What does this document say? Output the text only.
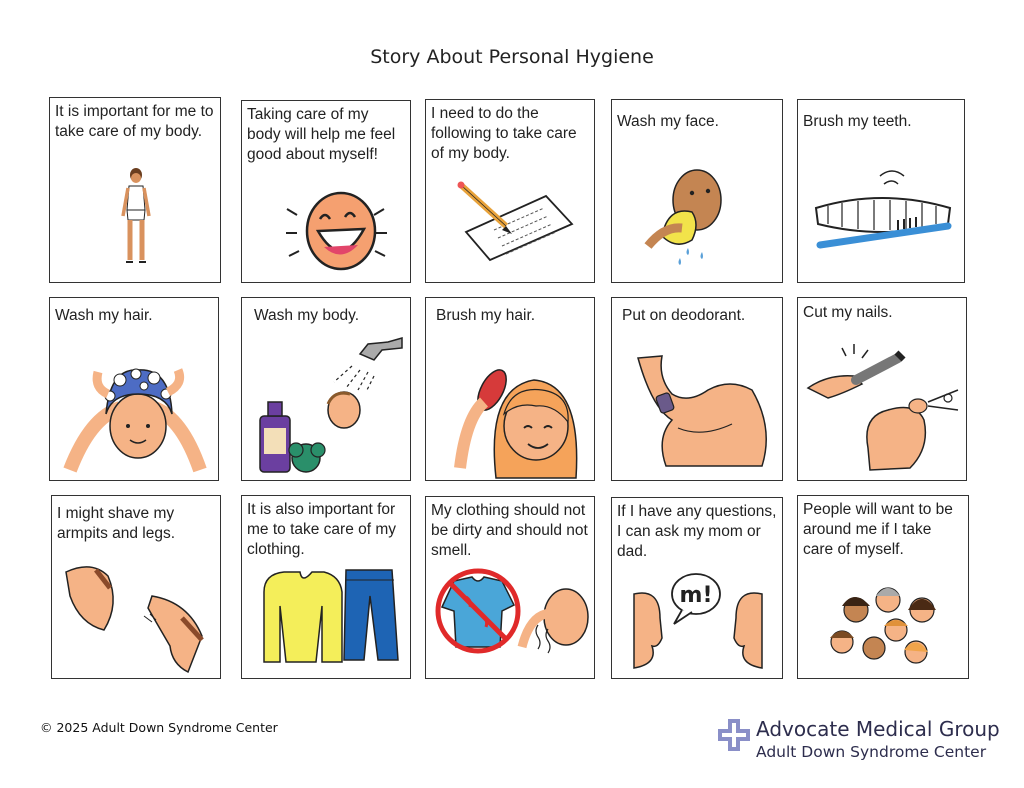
Story About Personal Hygiene
It is important for me to take care of my body.
Taking care of my body will help me feel good about myself!
I need to do the following to take care of my body.
Wash my face.	Brush my teeth.
Wash my hair.	Wash my body.	Brush my hair.	Put on deodorant.	Cut my nails.
I might shave my armpits and legs.
It is also important for me to take care of my clothing.
My clothing should not be dirty and should not smell.
If I have any questions, I can ask my mom or dad.
m!
People will want to be around me if I take care of myself.
© 2025 Adult Down Syndrome Center	Advocate Medical Group
Adult Down Syndrome Center
